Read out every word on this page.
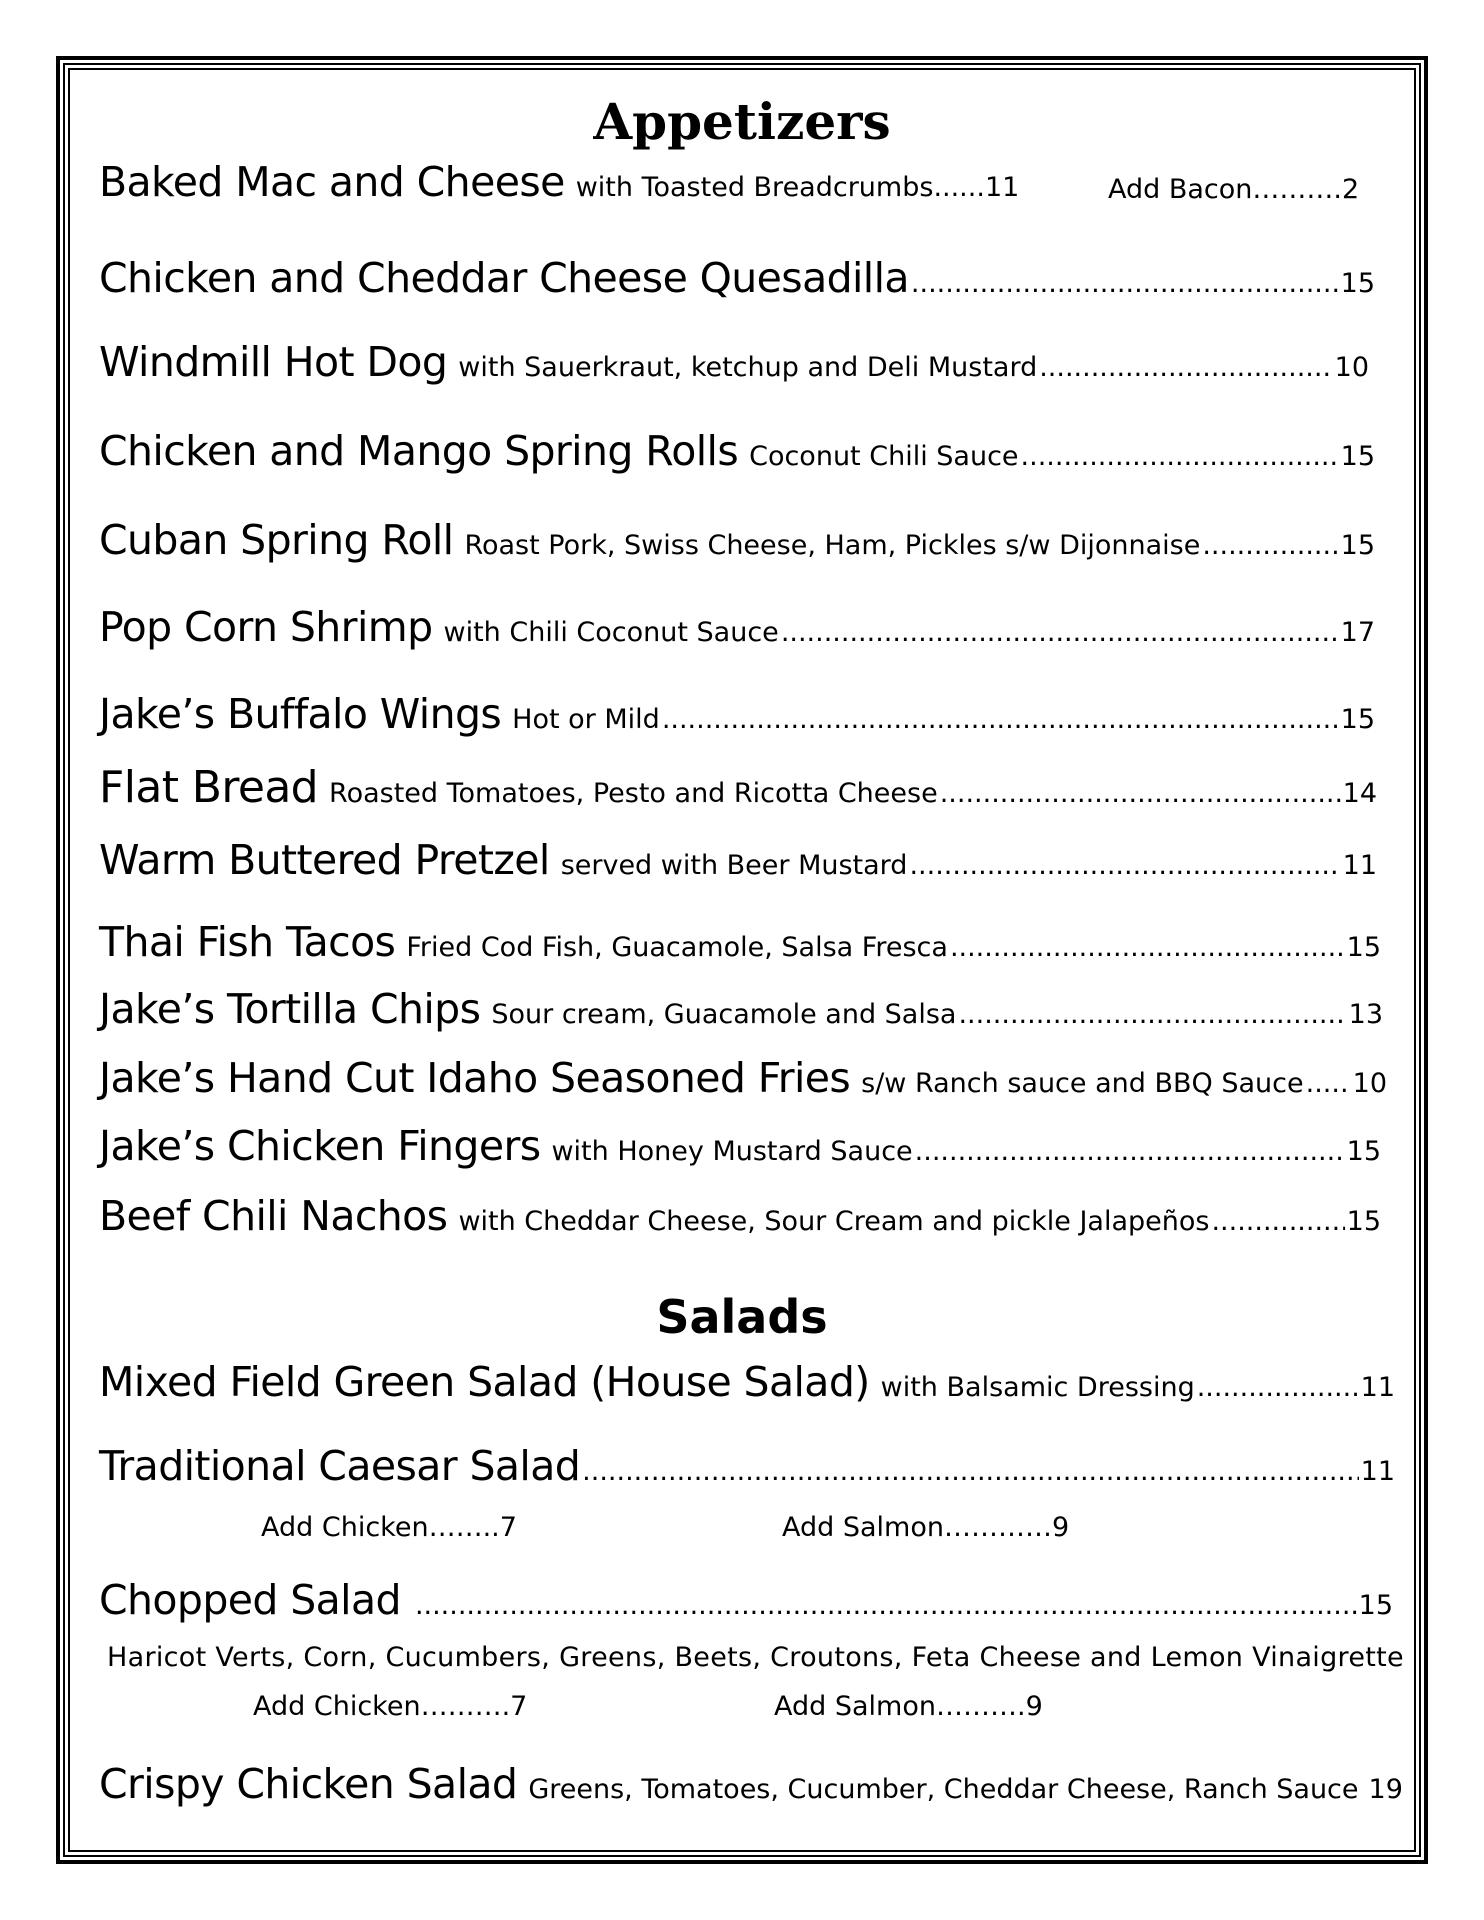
Appetizers
Baked Mac and Cheese with Toasted Breadcrumbs ...... 11	Add Bacon……….2
Chicken and Cheddar Cheese Quesadilla .....	15
Windmill Hot Dog with Sauerkraut, ketchup and Deli Mustard .....	10
Chicken and Mango Spring Rolls Coconut Chili Sauce .....	15
Cuban Spring Roll Roast Pork, Swiss Cheese, Ham, Pickles s/w Dijonnaise .....	15
Pop Corn Shrimp with Chili Coconut Sauce .....	17
Jake’s Buffalo Wings Hot or Mild .....	15
Flat Bread Roasted Tomatoes, Pesto and Ricotta Cheese .....	14
Warm Buttered Pretzel served with Beer Mustard .....	11
Thai Fish Tacos Fried Cod Fish, Guacamole, Salsa Fresca .....	15
Jake’s Tortilla Chips Sour cream, Guacamole and Salsa .....	13
Jake’s Hand Cut Idaho Seasoned Fries s/w Ranch sauce and BBQ Sauce ..... 10
Jake’s Chicken Fingers with Honey Mustard Sauce .....	15
Beef Chili Nachos with Cheddar Cheese, Sour Cream and pickle Jalapeños .....	15
Salads
Mixed Field Green Salad (House Salad) with Balsamic Dressing .....	11
Traditional Caesar Salad .....	11
Add Chicken……..7	Add Salmon…………9
Chopped Salad .....	15
Haricot Verts, Corn, Cucumbers, Greens, Beets, Croutons, Feta Cheese and Lemon Vinaigrette
Add Chicken……….7	Add Salmon……….9
Crispy Chicken Salad Greens, Tomatoes, Cucumber, Cheddar Cheese, Ranch Sauce 19
